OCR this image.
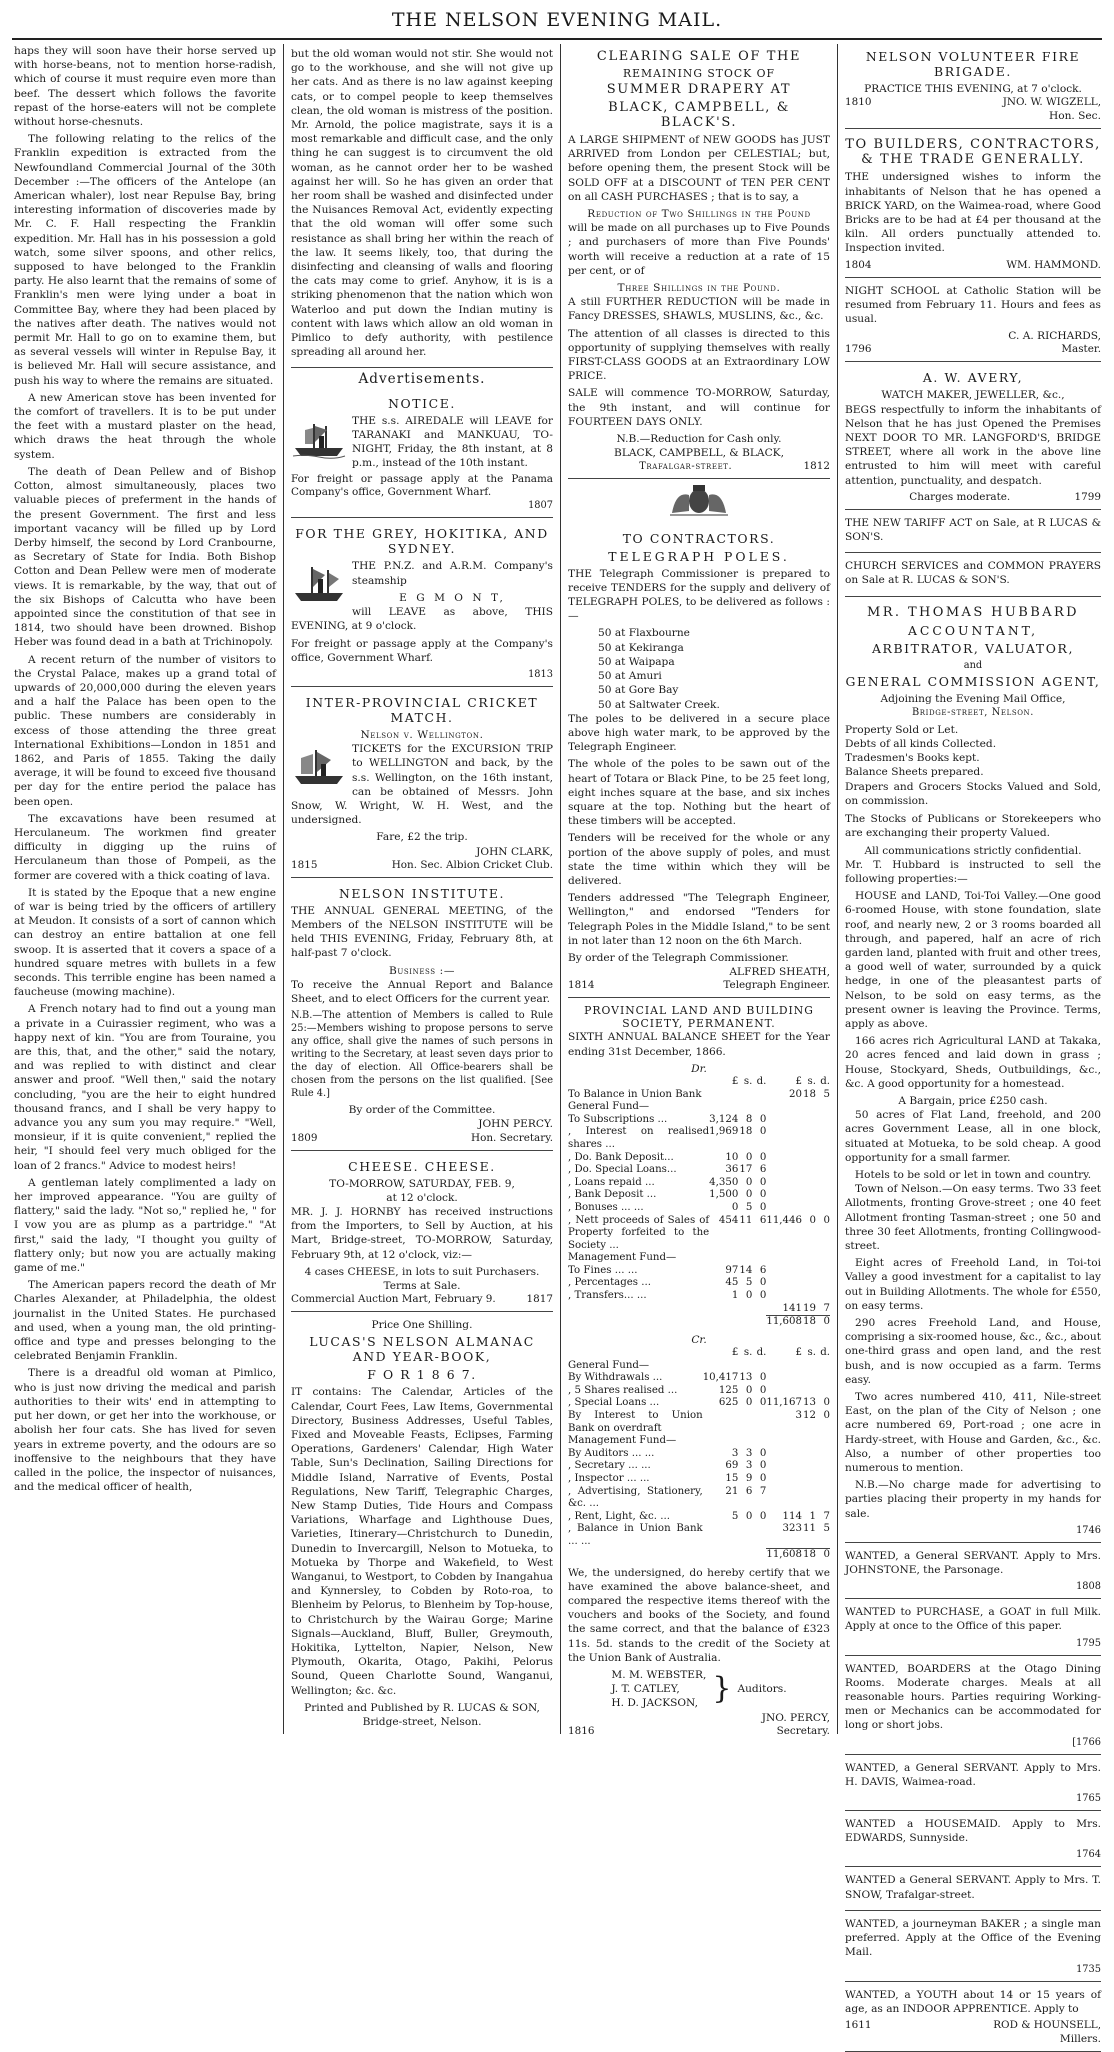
THE NELSON EVENING MAIL.

haps they will soon have their horse served up with horse-beans, not to mention horse-radish, which of course it must require even more than beef. The dessert which follows the favorite repast of the horse-eaters will not be complete without horse-chesnuts.

The following relating to the relics of the Franklin expedition is extracted from the Newfoundland Commercial Journal of the 30th December :—The officers of the Antelope (an American whaler), lost near Repulse Bay, bring interesting information of discoveries made by Mr. C. F. Hall respecting the Franklin expedition. Mr. Hall has in his possession a gold watch, some silver spoons, and other relics, supposed to have belonged to the Franklin party. He also learnt that the remains of some of Franklin's men were lying under a boat in Committee Bay, where they had been placed by the natives after death. The natives would not permit Mr. Hall to go on to examine them, but as several vessels will winter in Repulse Bay, it is believed Mr. Hall will secure assistance, and push his way to where the remains are situated.

A new American stove has been invented for the comfort of travellers. It is to be put under the feet with a mustard plaster on the head, which draws the heat through the whole system.

The death of Dean Pellew and of Bishop Cotton, almost simultaneously, places two valuable pieces of preferment in the hands of the present Government. The first and less important vacancy will be filled up by Lord Derby himself, the second by Lord Cranbourne, as Secretary of State for India. Both Bishop Cotton and Dean Pellew were men of moderate views. It is remarkable, by the way, that out of the six Bishops of Calcutta who have been appointed since the constitution of that see in 1814, two should have been drowned. Bishop Heber was found dead in a bath at Trichinopoly.

A recent return of the number of visitors to the Crystal Palace, makes up a grand total of upwards of 20,000,000 during the eleven years and a half the Palace has been open to the public. These numbers are considerably in excess of those attending the three great International Exhibitions—London in 1851 and 1862, and Paris of 1855. Taking the daily average, it will be found to exceed five thousand per day for the entire period the palace has been open.

The excavations have been resumed at Herculaneum. The workmen find greater difficulty in digging up the ruins of Herculaneum than those of Pompeii, as the former are covered with a thick coating of lava.

It is stated by the Epoque that a new engine of war is being tried by the officers of artillery at Meudon. It consists of a sort of cannon which can destroy an entire battalion at one fell swoop. It is asserted that it covers a space of a hundred square metres with bullets in a few seconds. This terrible engine has been named a faucheuse (mowing machine).

A French notary had to find out a young man a private in a Cuirassier regiment, who was a happy next of kin. "You are from Touraine, you are this, that, and the other," said the notary, and was replied to with distinct and clear answer and proof. "Well then," said the notary concluding, "you are the heir to eight hundred thousand francs, and I shall be very happy to advance you any sum you may require." "Well, monsieur, if it is quite convenient," replied the heir, "I should feel very much obliged for the loan of 2 francs." Advice to modest heirs!

A gentleman lately complimented a lady on her improved appearance. "You are guilty of flattery," said the lady. "Not so," replied he, " for I vow you are as plump as a partridge." "At first," said the lady, "I thought you guilty of flattery only; but now you are actually making game of me."

The American papers record the death of Mr Charles Alexander, at Philadelphia, the oldest journalist in the United States. He purchased and used, when a young man, the old printing-office and type and presses belonging to the celebrated Benjamin Franklin.

There is a dreadful old woman at Pimlico, who is just now driving the medical and parish authorities to their wits' end in attempting to put her down, or get her into the workhouse, or abolish her four cats. She has lived for seven years in extreme poverty, and the odours are so inoffensive to the neighbours that they have called in the police, the inspector of nuisances, and the medical officer of health,

but the old woman would not stir. She would not go to the workhouse, and she will not give up her cats. And as there is no law against keeping cats, or to compel people to keep themselves clean, the old woman is mistress of the position. Mr. Arnold, the police magistrate, says it is a most remarkable and difficult case, and the only thing he can suggest is to circumvent the old woman, as he cannot order her to be washed against her will. So he has given an order that her room shall be washed and disinfected under the Nuisances Removal Act, evidently expecting that the old woman will offer some such resistance as shall bring her within the reach of the law. It seems likely, too, that during the disinfecting and cleansing of walls and flooring the cats may come to grief. Anyhow, it is is a striking phenomenon that the nation which won Waterloo and put down the Indian mutiny is content with laws which allow an old woman in Pimlico to defy authority, with pestilence spreading all around her.

Advertisements.
NOTICE.

THE s.s. AIREDALE will LEAVE for TARANAKI and MANKUAU, TO-NIGHT, Friday, the 8th instant, at 8 p.m., instead of the 10th instant.

For freight or passage apply at the Panama Company's office, Government Wharf.
1807
FOR THE GREY, HOKITIKA, AND SYDNEY.

THE P.N.Z. and A.R.M. Company's steamship

E G M O N T,

will LEAVE as above, THIS EVENING, at 9 o'clock.

For freight or passage apply at the Company's office, Government Wharf.

1813
INTER-PROVINCIAL CRICKET MATCH.
Nelson v. Wellington.

TICKETS for the EXCURSION TRIP to WELLINGTON and back, by the s.s. Wellington, on the 16th instant, can be obtained of Messrs. John Snow, W. Wright, W. H. West, and the undersigned.

Fare, £2 the trip.
JOHN CLARK,
1815	Hon. Sec. Albion Cricket Club.
NELSON INSTITUTE.

THE ANNUAL GENERAL MEETING, of the Members of the NELSON INSTITUTE will be held THIS EVENING, Friday, February 8th, at half-past 7 o'clock.

Business :—

To receive the Annual Report and Balance Sheet, and to elect Officers for the current year.

N.B.—The attention of Members is called to Rule 25:—Members wishing to propose persons to serve any office, shall give the names of such persons in writing to the Secretary, at least seven days prior to the day of election. All Office-bearers shall be chosen from the persons on the list qualified. [See Rule 4.]

By order of the Committee.
JOHN PERCY.
1809	Hon. Secretary.
CHEESE. CHEESE.
TO-MORROW, SATURDAY, FEB. 9,
at 12 o'clock.

MR. J. J. HORNBY has received instructions from the Importers, to Sell by Auction, at his Mart, Bridge-street, TO-MORROW, Saturday, February 9th, at 12 o'clock, viz:—

4 cases CHEESE, in lots to suit Purchasers.
Terms at Sale.
Commercial Auction Mart, February 9.	1817
Price One Shilling.
LUCAS'S NELSON ALMANAC AND YEAR-BOOK,
F O R 1 8 6 7.

IT contains: The Calendar, Articles of the Calendar, Court Fees, Law Items, Governmental Directory, Business Addresses, Useful Tables, Fixed and Moveable Feasts, Eclipses, Farming Operations, Gardeners' Calendar, High Water Table, Sun's Declination, Sailing Directions for Middle Island, Narrative of Events, Postal Regulations, New Tariff, Telegraphic Charges, New Stamp Duties, Tide Hours and Compass Variations, Wharfage and Lighthouse Dues, Varieties, Itinerary—Christchurch to Dunedin, Dunedin to Invercargill, Nelson to Motueka, to Motueka by Thorpe and Wakefield, to West Wanganui, to Westport, to Cobden by Inangahua and Kynnersley, to Cobden by Roto-roa, to Blenheim by Pelorus, to Blenheim by Top-house, to Christchurch by the Wairau Gorge; Marine Signals—Auckland, Bluff, Buller, Greymouth, Hokitika, Lyttelton, Napier, Nelson, New Plymouth, Okarita, Otago, Pakihi, Pelorus Sound, Queen Charlotte Sound, Wanganui, Wellington; &c. &c.

Printed and Published by R. LUCAS & SON,
Bridge-street, Nelson.
CLEARING SALE OF THE
REMAINING STOCK OF
SUMMER DRAPERY AT
BLACK, CAMPBELL, & BLACK'S.

A LARGE SHIPMENT of NEW GOODS has JUST ARRIVED from London per CELESTIAL; but, before opening them, the present Stock will be SOLD OFF at a DISCOUNT of TEN PER CENT on all CASH PURCHASES ; that is to say, a

Reduction of Two Shillings in the Pound

will be made on all purchases up to Five Pounds ; and purchasers of more than Five Pounds' worth will receive a reduction at a rate of 15 per cent, or of

Three Shillings in the Pound.

A still FURTHER REDUCTION will be made in Fancy DRESSES, SHAWLS, MUSLINS, &c., &c.

The attention of all classes is directed to this opportunity of supplying themselves with really FIRST-CLASS GOODS at an Extraordinary LOW PRICE.

SALE will commence TO-MORROW, Saturday, the 9th instant, and will continue for FOURTEEN DAYS ONLY.

N.B.—Reduction for Cash only.
BLACK, CAMPBELL, & BLACK,
Trafalgar-street.	1812
TO CONTRACTORS.
TELEGRAPH POLES.

THE Telegraph Commissioner is prepared to receive TENDERS for the supply and delivery of TELEGRAPH POLES, to be delivered as follows :—

50 at Flaxbourne
50 at Kekiranga
50 at Waipapa
50 at Amuri
50 at Gore Bay
50 at Saltwater Creek.

The poles to be delivered in a secure place above high water mark, to be approved by the Telegraph Engineer.

The whole of the poles to be sawn out of the heart of Totara or Black Pine, to be 25 feet long, eight inches square at the base, and six inches square at the top. Nothing but the heart of these timbers will be accepted.

Tenders will be received for the whole or any portion of the above supply of poles, and must state the time within which they will be delivered.

Tenders addressed "The Telegraph Engineer, Wellington," and endorsed "Tenders for Telegraph Poles in the Middle Island," to be sent in not later than 12 noon on the 6th March.

By order of the Telegraph Commissioner.
ALFRED SHEATH,
1814	Telegraph Engineer.
PROVINCIAL LAND AND BUILDING SOCIETY, PERMANENT.

SIXTH ANNUAL BALANCE SHEET for the Year ending 31st December, 1866.

Dr.
	£	s.	d.	£	s.	d.
To Balance in Union Bank				20	18	5
General Fund—						
To Subscriptions ...	3,124	8	0			
, Interest on realised shares ...	1,969	18	0			
, Do. Bank Deposit...	10	0	0			
, Do. Special Loans...	36	17	6			
, Loans repaid ...	4,350	0	0			
, Bank Deposit ...	1,500	0	0			
, Bonuses ... ...	0	5	0			
, Nett proceeds of Sales of Property forfeited to the Society ...	454	11	6	11,446	0	0
Management Fund—						
To Fines ... ...	97	14	6			
, Percentages ...	45	5	0			
, Transfers... ...	1	0	0			
				141	19	7
				11,608	18	0
Cr.
	£	s.	d.	£	s.	d.
General Fund—						
By Withdrawals ...	10,417	13	0			
, 5 Shares realised ...	125	0	0			
, Special Loans ...	625	0	0	11,167	13	0
By Interest to Union Bank on overdraft				3	12	0
Management Fund—						
By Auditors ... ...	3	3	0			
, Secretary ... ...	69	3	0			
, Inspector ... ...	15	9	0			
, Advertising, Stationery, &c. ...	21	6	7			
, Rent, Light, &c. ...	5	0	0	114	1	7
, Balance in Union Bank ... ...				323	11	5
				11,608	18	0

We, the undersigned, do hereby certify that we have examined the above balance-sheet, and compared the respective items thereof with the vouchers and books of the Society, and found the same correct, and that the balance of £323 11s. 5d. stands to the credit of the Society at the Union Bank of Australia.

M. M. WEBSTER,
J. T. CATLEY,
H. D. JACKSON, } Auditors.
JNO. PERCY,
1816	Secretary.
NELSON VOLUNTEER FIRE BRIGADE.
PRACTICE THIS EVENING, at 7 o'clock.
1810	JNO. W. WIGZELL,
Hon. Sec.
TO BUILDERS, CONTRACTORS, & THE TRADE GENERALLY.

THE undersigned wishes to inform the inhabitants of Nelson that he has opened a BRICK YARD, on the Waimea-road, where Good Bricks are to be had at £4 per thousand at the kiln. All orders punctually attended to. Inspection invited.

1804	WM. HAMMOND.

NIGHT SCHOOL at Catholic Station will be resumed from February 11. Hours and fees as usual.

C. A. RICHARDS,
1796	Master.
A. W. AVERY,
WATCH MAKER, JEWELLER, &c.,

BEGS respectfully to inform the inhabitants of Nelson that he has just Opened the Premises NEXT DOOR TO MR. LANGFORD'S, BRIDGE STREET, where all work in the above line entrusted to him will meet with careful attention, punctuality, and despatch.

Charges moderate.	1799

THE NEW TARIFF ACT on Sale, at R LUCAS & SON'S.

CHURCH SERVICES and COMMON PRAYERS on Sale at R. LUCAS & SON'S.

MR. THOMAS HUBBARD
ACCOUNTANT,
ARBITRATOR, VALUATOR,
and
GENERAL COMMISSION AGENT,
Adjoining the Evening Mail Office,
Bridge-street, Nelson.
Property Sold or Let.
Debts of all kinds Collected.
Tradesmen's Books kept.
Balance Sheets prepared.
Drapers and Grocers Stocks Valued and Sold, on commission.

The Stocks of Publicans or Storekeepers who are exchanging their property Valued.

All communications strictly confidential.

Mr. T. Hubbard is instructed to sell the following properties:—

HOUSE and LAND, Toi-Toi Valley.—One good 6-roomed House, with stone foundation, slate roof, and nearly new, 2 or 3 rooms boarded all through, and papered, half an acre of rich garden land, planted with fruit and other trees, a good well of water, surrounded by a quick hedge, in one of the pleasantest parts of Nelson, to be sold on easy terms, as the present owner is leaving the Province. Terms, apply as above.

166 acres rich Agricultural LAND at Takaka, 20 acres fenced and laid down in grass ; House, Stockyard, Sheds, Outbuildings, &c., &c. A good opportunity for a homestead.

A Bargain, price £250 cash.

50 acres of Flat Land, freehold, and 200 acres Government Lease, all in one block, situated at Motueka, to be sold cheap. A good opportunity for a small farmer.

Hotels to be sold or let in town and country.

Town of Nelson.—On easy terms. Two 33 feet Allotments, fronting Grove-street ; one 40 feet Allotment fronting Tasman-street ; one 50 and three 30 feet Allotments, fronting Collingwood-street.

Eight acres of Freehold Land, in Toi-toi Valley a good investment for a capitalist to lay out in Building Allotments. The whole for £550, on easy terms.

290 acres Freehold Land, and House, comprising a six-roomed house, &c., &c., about one-third grass and open land, and the rest bush, and is now occupied as a farm. Terms easy.

Two acres numbered 410, 411, Nile-street East, on the plan of the City of Nelson ; one acre numbered 69, Port-road ; one acre in Hardy-street, with House and Garden, &c., &c. Also, a number of other properties too numerous to mention.

N.B.—No charge made for advertising to parties placing their property in my hands for sale.

1746

WANTED, a General SERVANT. Apply to Mrs. JOHNSTONE, the Parsonage.

1808

WANTED to PURCHASE, a GOAT in full Milk. Apply at once to the Office of this paper.

1795

WANTED, BOARDERS at the Otago Dining Rooms. Moderate charges. Meals at all reasonable hours. Parties requiring Working-men or Mechanics can be accommodated for long or short jobs.

[1766

WANTED, a General SERVANT. Apply to Mrs. H. DAVIS, Waimea-road.

1765

WANTED a HOUSEMAID. Apply to Mrs. EDWARDS, Sunnyside.

1764

WANTED a General SERVANT. Apply to Mrs. T. SNOW, Trafalgar-street.

WANTED, a journeyman BAKER ; a single man preferred. Apply at the Office of the Evening Mail.

1735

WANTED, a YOUTH about 14 or 15 years of age, as an INDOOR APPRENTICE. Apply to

1611	ROD & HOUNSELL,
Millers.
